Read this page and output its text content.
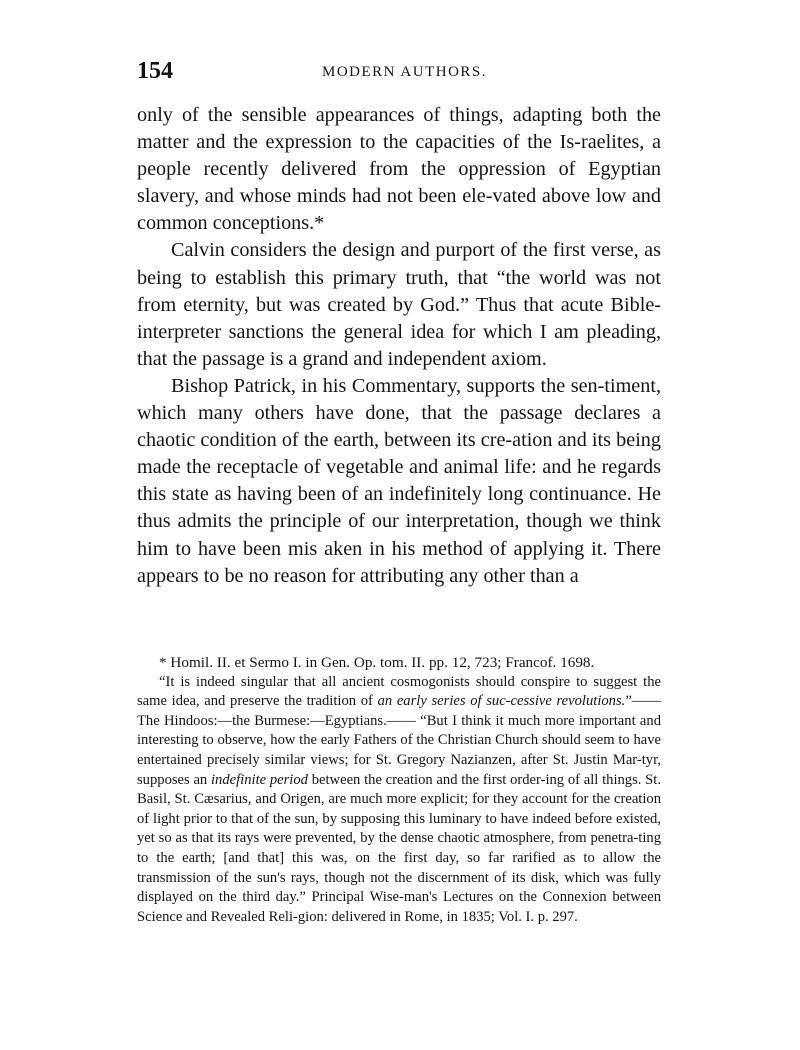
154	MODERN AUTHORS.

only of the sensible appearances of things, adapting both the matter and the expression to the capacities of the Is-raelites, a people recently delivered from the oppression of Egyptian slavery, and whose minds had not been ele-vated above low and common conceptions.*

Calvin considers the design and purport of the first verse, as being to establish this primary truth, that “the world was not from eternity, but was created by God.” Thus that acute Bible-interpreter sanctions the general idea for which I am pleading, that the passage is a grand and independent axiom.

Bishop Patrick, in his Commentary, supports the sen-timent, which many others have done, that the passage declares a chaotic condition of the earth, between its cre-ation and its being made the receptacle of vegetable and animal life: and he regards this state as having been of an indefinitely long continuance. He thus admits the principle of our interpretation, though we think him to have been mis aken in his method of applying it. There appears to be no reason for attributing any other than a

* Homil. II. et Sermo I. in Gen. Op. tom. II. pp. 12, 723; Francof. 1698.

“It is indeed singular that all ancient cosmogonists should conspire to suggest the same idea, and preserve the tradition of an early series of suc-cessive revolutions.”——The Hindoos:—the Burmese:—Egyptians.—— “But I think it much more important and interesting to observe, how the early Fathers of the Christian Church should seem to have entertained precisely similar views; for St. Gregory Nazianzen, after St. Justin Mar-tyr, supposes an indefinite period between the creation and the first order-ing of all things. St. Basil, St. Cæsarius, and Origen, are much more explicit; for they account for the creation of light prior to that of the sun, by supposing this luminary to have indeed before existed, yet so as that its rays were prevented, by the dense chaotic atmosphere, from penetra-ting to the earth; [and that] this was, on the first day, so far rarified as to allow the transmission of the sun's rays, though not the discernment of its disk, which was fully displayed on the third day.” Principal Wise-man's Lectures on the Connexion between Science and Revealed Reli-gion: delivered in Rome, in 1835; Vol. I. p. 297.
